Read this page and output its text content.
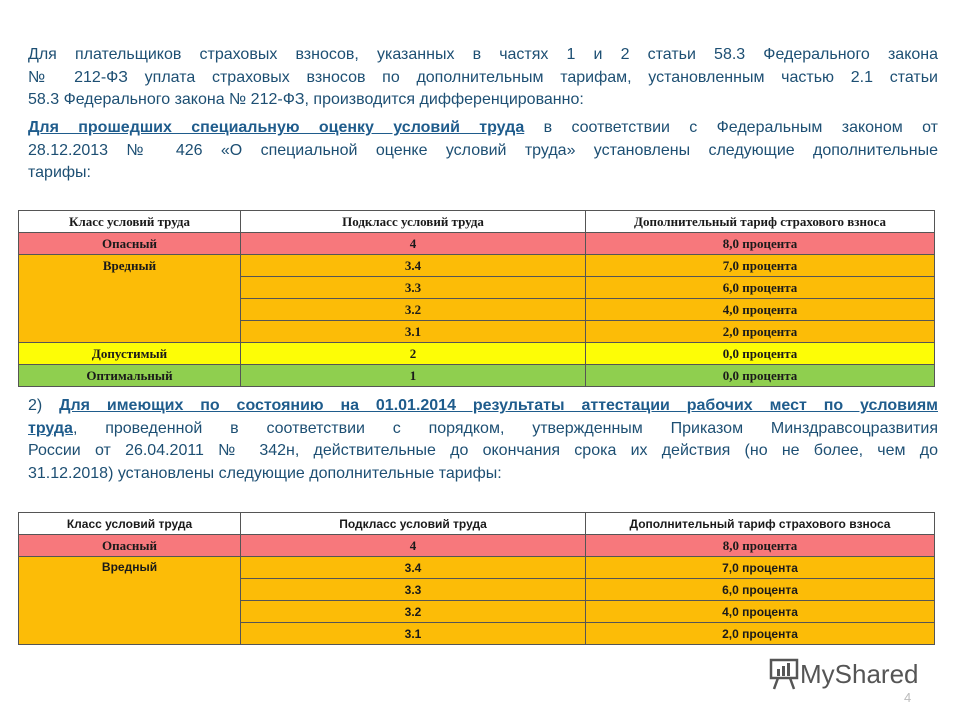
Для плательщиков страховых взносов, указанных в частях 1 и 2 статьи 58.3 Федерального закона
№ 212-ФЗ уплата страховых взносов по дополнительным тарифам, установленным частью 2.1 статьи
58.3 Федерального закона № 212-ФЗ, производится дифференцированно:
Для прошедших специальную оценку условий труда в соответствии с Федеральным законом от
28.12.2013 № 426 «О специальной оценке условий труда» установлены следующие дополнительные
тарифы:
Класс условий труда	Подкласс условий труда	Дополнительный тариф страхового взноса
Опасный	4	8,0 процента
Вредный	3.4	7,0 процента
	3.3	6,0 процента
	3.2	4,0 процента
	3.1	2,0 процента
Допустимый	2	0,0 процента
Оптимальный	1	0,0 процента
2) Для имеющих по состоянию на 01.01.2014 результаты аттестации рабочих мест по условиям
труда, проведенной в соответствии с порядком, утвержденным Приказом Минздравсоцразвития
России от 26.04.2011 № 342н, действительные до окончания срока их действия (но не более, чем до
31.12.2018) установлены следующие дополнительные тарифы:
Класс условий труда	Подкласс условий труда	Дополнительный тариф страхового взноса
Опасный	4	8,0 процента
Вредный	3.4	7,0 процента
	3.3	6,0 процента
	3.2	4,0 процента
	3.1	2,0 процента
MyShared
4
